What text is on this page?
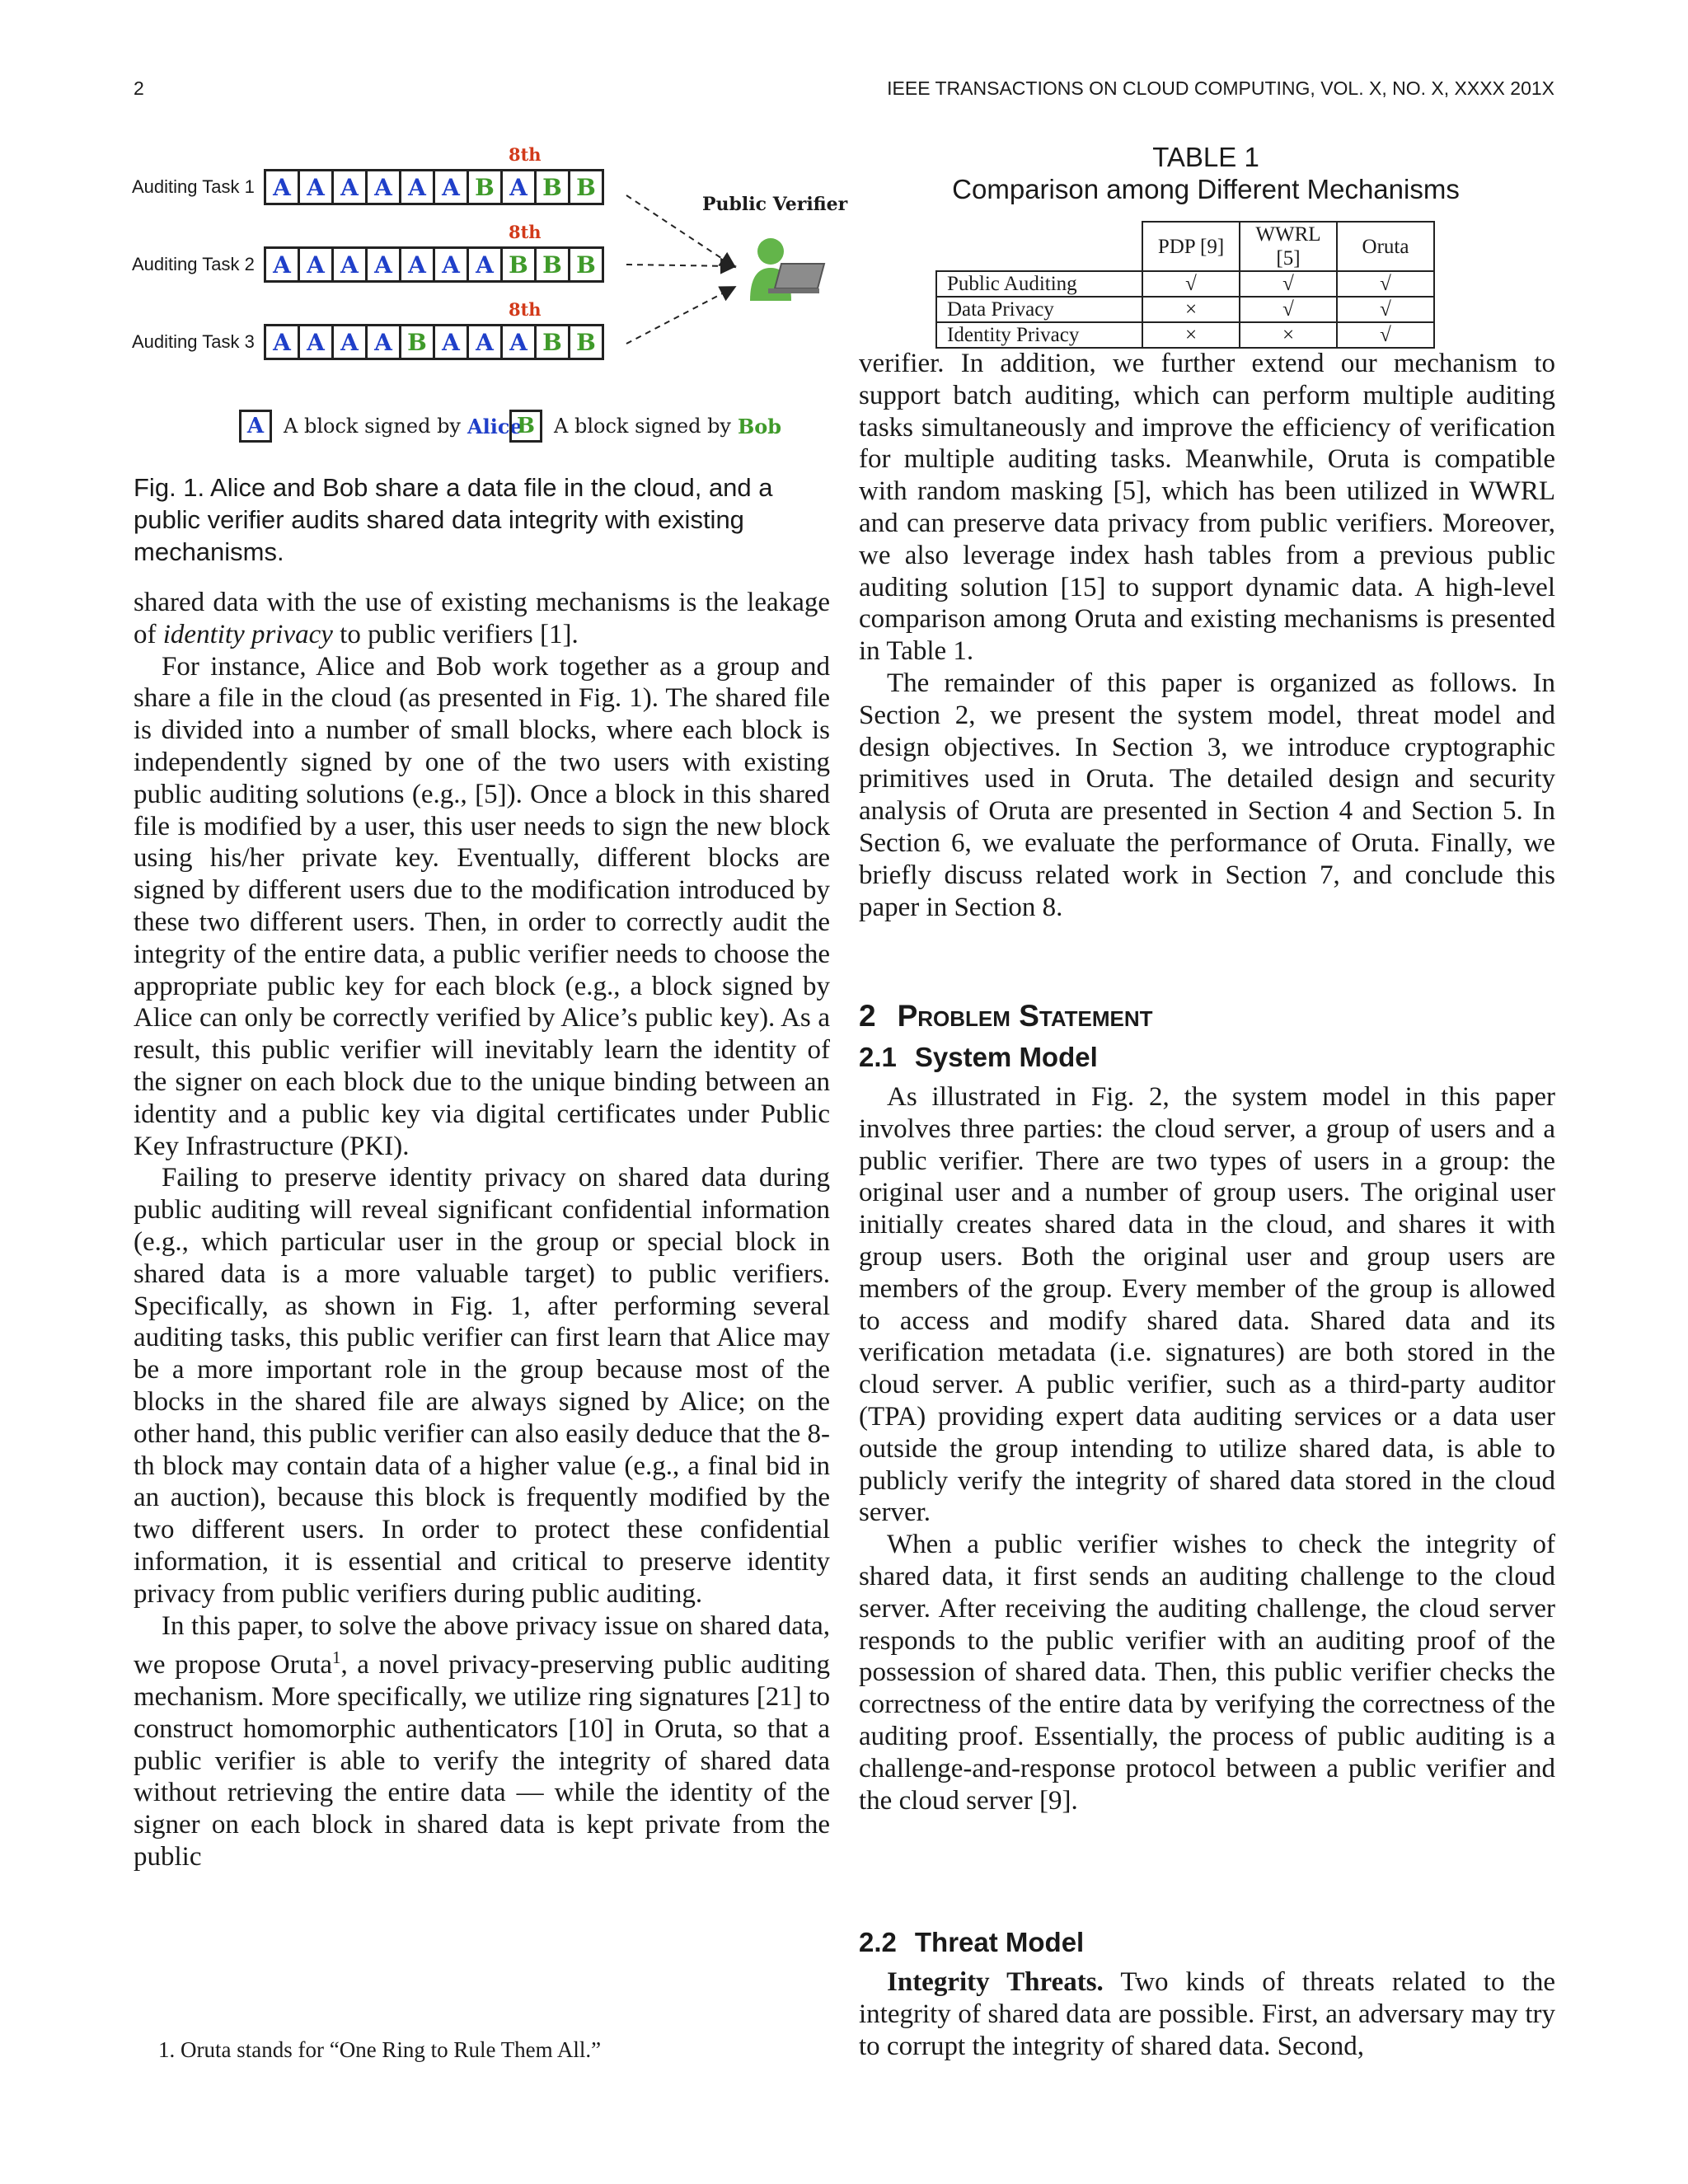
2	IEEE TRANSACTIONS ON CLOUD COMPUTING, VOL. X, NO. X, XXXX 201X
8th
8th
8th
Auditing Task 1 A A A A A A B A B B
Auditing Task 2 A A A A A A A B B B
Auditing Task 3 A A A A B A A A B B
Public Verifier
A A block signed by Alice
B A block signed by Bob
Fig. 1. Alice and Bob share a data file in the cloud, and a public verifier audits shared data integrity with existing mechanisms.
TABLE 1
Comparison among Different Mechanisms
	PDP [9]	WWRL [5]	Oruta
Public Auditing	√	√	√
Data Privacy	×	√	√
Identity Privacy	×	×	√

shared data with the use of existing mechanisms is the leakage of identity privacy to public verifiers [1].

For instance, Alice and Bob work together as a group and share a file in the cloud (as presented in Fig. 1). The shared file is divided into a number of small blocks, where each block is independently signed by one of the two users with existing public auditing solutions (e.g., [5]). Once a block in this shared file is modified by a user, this user needs to sign the new block using his/her private key. Eventually, different blocks are signed by different users due to the modification introduced by these two different users. Then, in order to correctly audit the integrity of the entire data, a public verifier needs to choose the appropriate public key for each block (e.g., a block signed by Alice can only be correctly verified by Alice’s public key). As a result, this public verifier will inevitably learn the identity of the signer on each block due to the unique binding between an identity and a public key via digital certificates under Public Key Infrastructure (PKI).

Failing to preserve identity privacy on shared data during public auditing will reveal significant confidential information (e.g., which particular user in the group or special block in shared data is a more valuable target) to public verifiers. Specifically, as shown in Fig. 1, after performing several auditing tasks, this public verifier can first learn that Alice may be a more important role in the group because most of the blocks in the shared file are always signed by Alice; on the other hand, this public verifier can also easily deduce that the 8-th block may contain data of a higher value (e.g., a final bid in an auction), because this block is frequently modified by the two different users. In order to protect these confidential information, it is essential and critical to preserve identity privacy from public verifiers during public auditing.

In this paper, to solve the above privacy issue on shared data, we propose Oruta$^1$, a novel privacy-preserving public auditing mechanism. More specifically, we utilize ring signatures [21] to construct homomorphic authenticators [10] in Oruta, so that a public verifier is able to verify the integrity of shared data without retrieving the entire data — while the identity of the signer on each block in shared data is kept private from the public

1. Oruta stands for “One Ring to Rule Them All.”

verifier. In addition, we further extend our mechanism to support batch auditing, which can perform multiple auditing tasks simultaneously and improve the efficiency of verification for multiple auditing tasks. Meanwhile, Oruta is compatible with random masking [5], which has been utilized in WWRL and can preserve data privacy from public verifiers. Moreover, we also leverage index hash tables from a previous public auditing solution [15] to support dynamic data. A high-level comparison among Oruta and existing mechanisms is presented in Table 1.

The remainder of this paper is organized as follows. In Section 2, we present the system model, threat model and design objectives. In Section 3, we introduce cryptographic primitives used in Oruta. The detailed design and security analysis of Oruta are presented in Section 4 and Section 5. In Section 6, we evaluate the performance of Oruta. Finally, we briefly discuss related work in Section 7, and conclude this paper in Section 8.

2 Problem Statement
2.1 System Model

As illustrated in Fig. 2, the system model in this paper involves three parties: the cloud server, a group of users and a public verifier. There are two types of users in a group: the original user and a number of group users. The original user initially creates shared data in the cloud, and shares it with group users. Both the original user and group users are members of the group. Every member of the group is allowed to access and modify shared data. Shared data and its verification metadata (i.e. signatures) are both stored in the cloud server. A public verifier, such as a third-party auditor (TPA) providing expert data auditing services or a data user outside the group intending to utilize shared data, is able to publicly verify the integrity of shared data stored in the cloud server.

When a public verifier wishes to check the integrity of shared data, it first sends an auditing challenge to the cloud server. After receiving the auditing challenge, the cloud server responds to the public verifier with an auditing proof of the possession of shared data. Then, this public verifier checks the correctness of the entire data by verifying the correctness of the auditing proof. Essentially, the process of public auditing is a challenge-and-response protocol between a public verifier and the cloud server [9].

2.2 Threat Model

Integrity Threats. Two kinds of threats related to the integrity of shared data are possible. First, an adversary may try to corrupt the integrity of shared data. Second,
